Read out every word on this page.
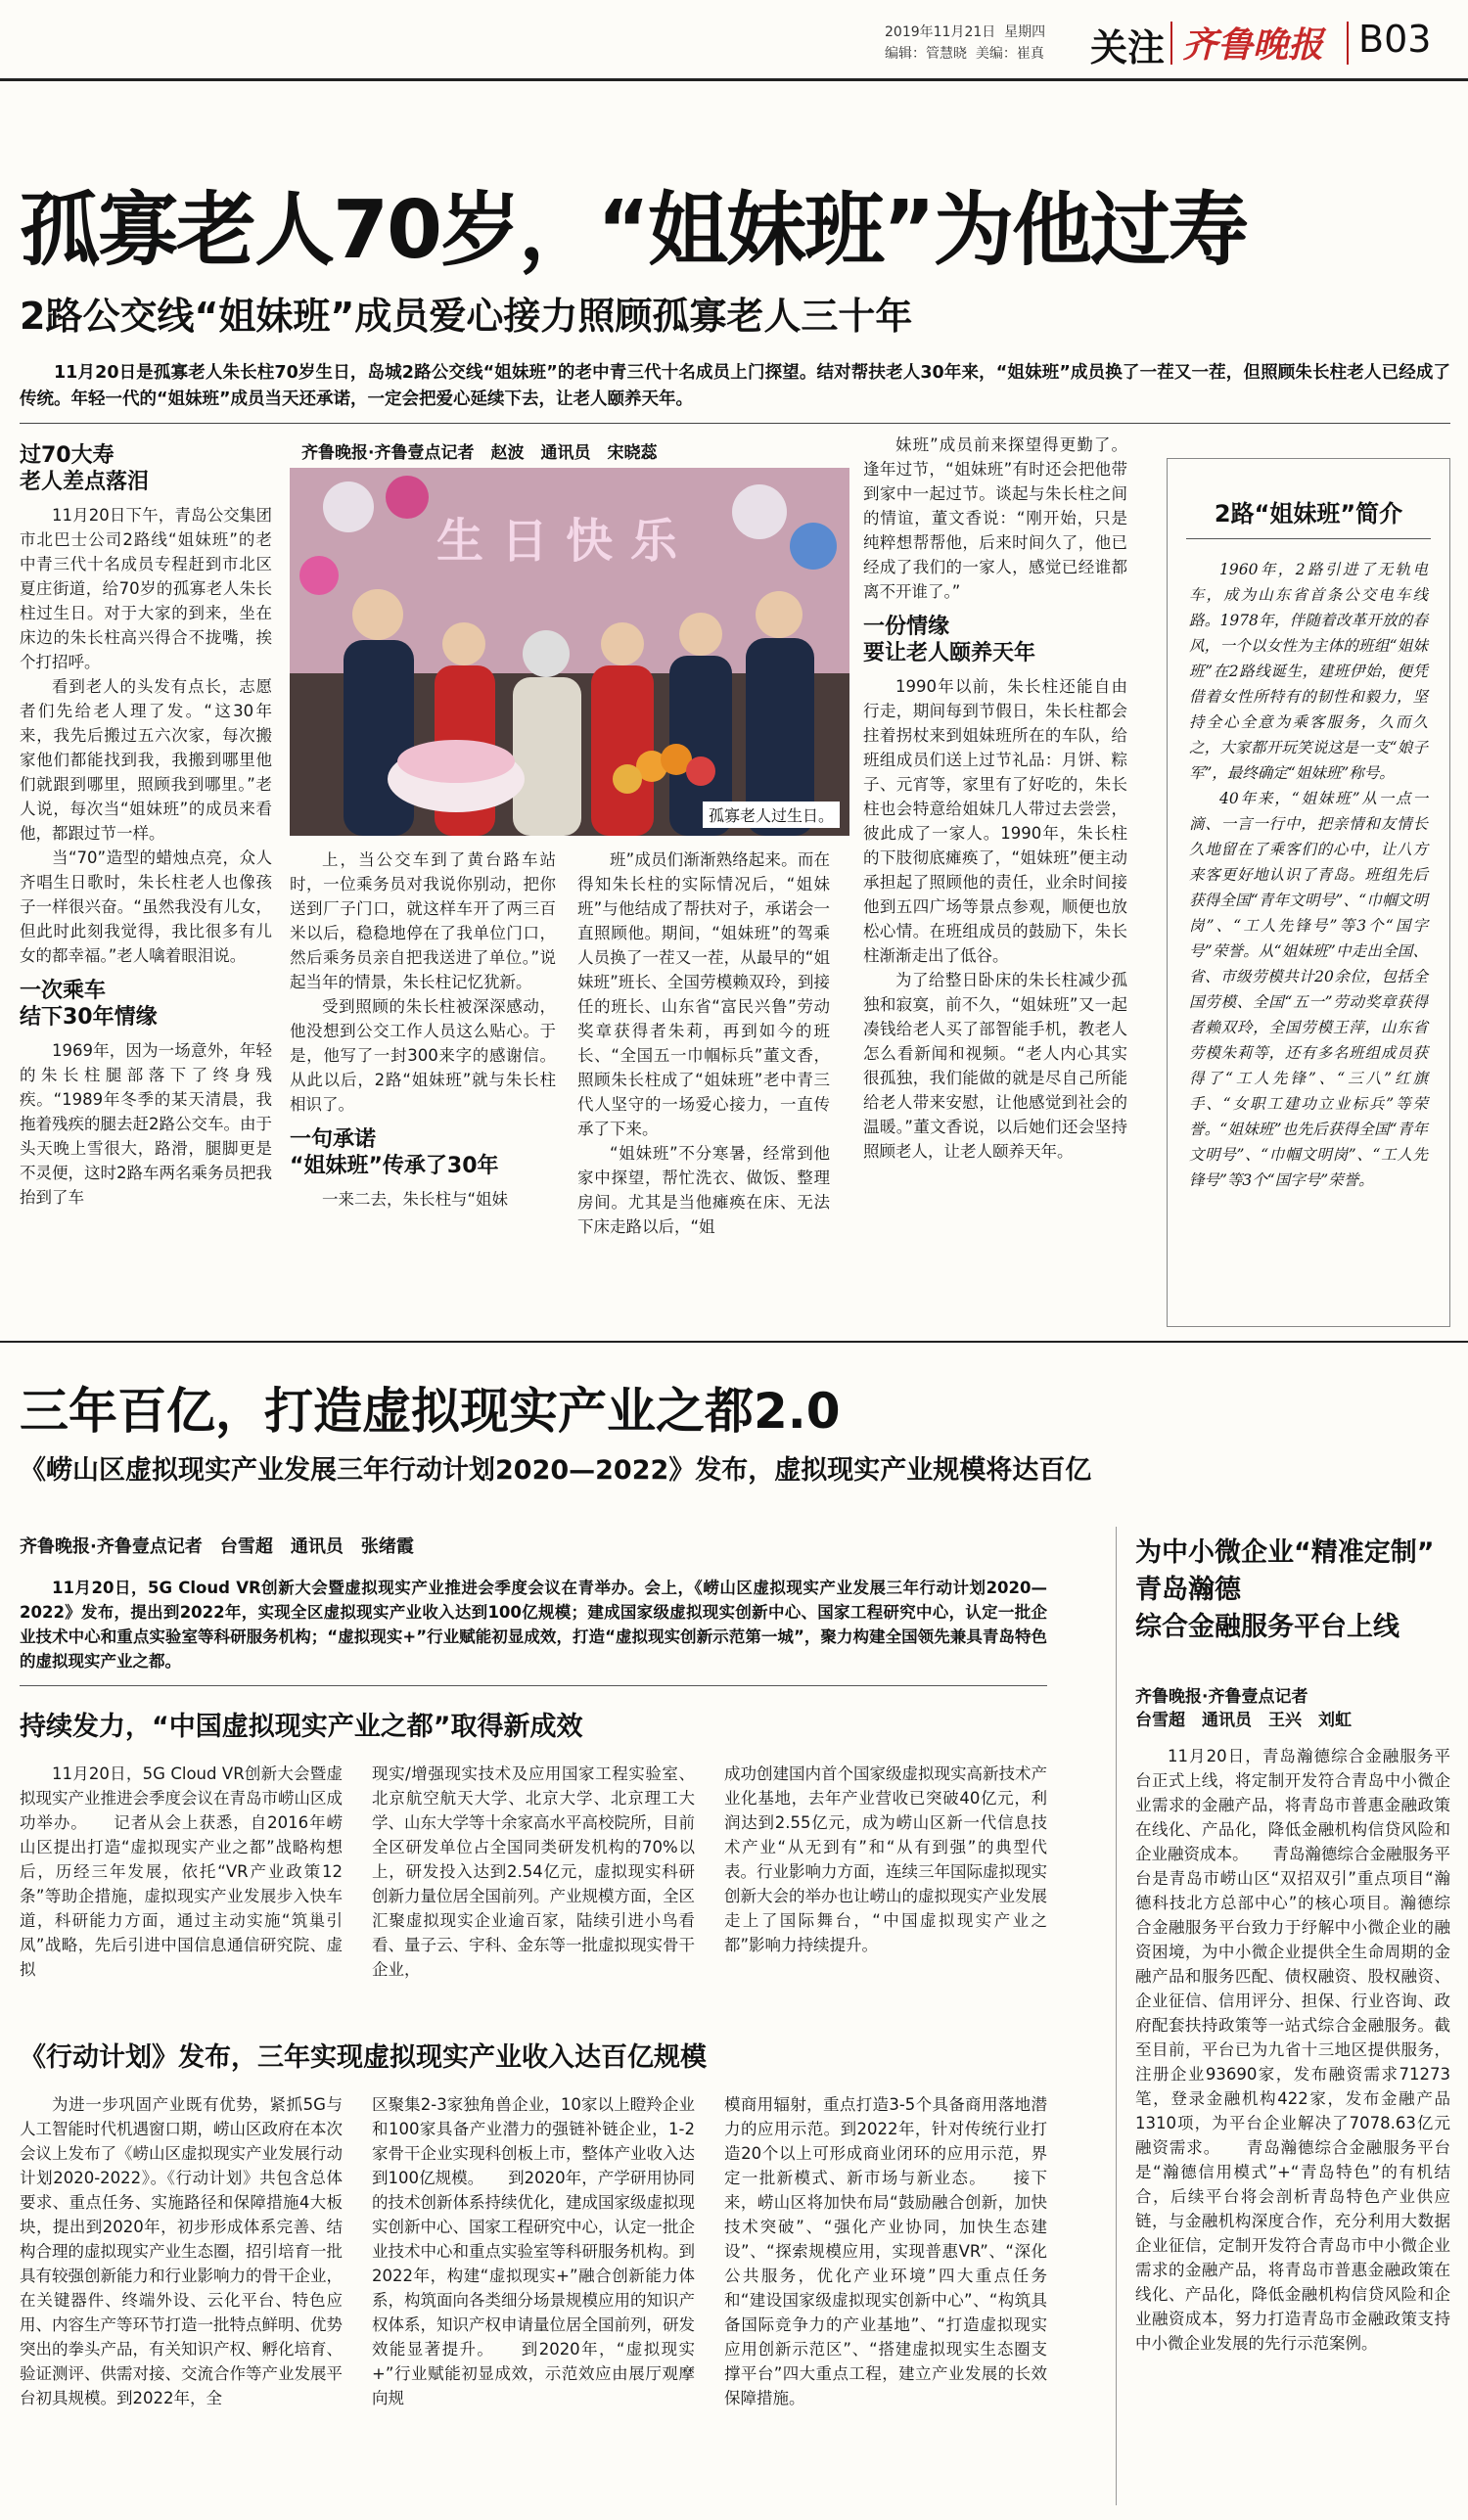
2019年11月21日 星期四
编辑：管慧晓 美编：崔真 关注 齐鲁晚报 B03
孤寡老人70岁，“姐妹班”为他过寿
2路公交线“姐妹班”成员爱心接力照顾孤寡老人三十年
11月20日是孤寡老人朱长柱70岁生日，岛城2路公交线“姐妹班”的老中青三代十名成员上门探望。结对帮扶老人30年来，“姐妹班”成员换了一茬又一茬，但照顾朱长柱老人已经成了传统。年轻一代的“姐妹班”成员当天还承诺，一定会把爱心延续下去，让老人颐养天年。
过70大寿
老人差点落泪

11月20日下午，青岛公交集团市北巴士公司2路线“姐妹班”的老中青三代十名成员专程赶到市北区夏庄街道，给70岁的孤寡老人朱长柱过生日。对于大家的到来，坐在床边的朱长柱高兴得合不拢嘴，挨个打招呼。

看到老人的头发有点长，志愿者们先给老人理了发。“这30年来，我先后搬过五六次家，每次搬家他们都能找到我，我搬到哪里他们就跟到哪里，照顾我到哪里。”老人说，每次当“姐妹班”的成员来看他，都跟过节一样。

当“70”造型的蜡烛点亮，众人齐唱生日歌时，朱长柱老人也像孩子一样很兴奋。“虽然我没有儿女，但此时此刻我觉得，我比很多有儿女的都幸福。”老人噙着眼泪说。

一次乘车
结下30年情缘

1969年，因为一场意外，年轻的朱长柱腿部落下了终身残疾。“1989年冬季的某天清晨，我拖着残疾的腿去赶2路公交车。由于头天晚上雪很大，路滑，腿脚更是不灵便，这时2路车两名乘务员把我抬到了车

齐鲁晚报·齐鲁壹点记者　赵波　通讯员　宋晓蕊
生日快乐
孤寡老人过生日。

上，当公交车到了黄台路车站时，一位乘务员对我说你别动，把你送到厂子门口，就这样车开了两三百米以后，稳稳地停在了我单位门口，然后乘务员亲自把我送进了单位。”说起当年的情景，朱长柱记忆犹新。

受到照顾的朱长柱被深深感动，他没想到公交工作人员这么贴心。于是，他写了一封300来字的感谢信。从此以后，2路“姐妹班”就与朱长柱相识了。

一句承诺
“姐妹班”传承了30年

一来二去，朱长柱与“姐妹

班”成员们渐渐熟络起来。而在得知朱长柱的实际情况后，“姐妹班”与他结成了帮扶对子，承诺会一直照顾他。期间，“姐妹班”的驾乘人员换了一茬又一茬，从最早的“姐妹班”班长、全国劳模赖双玲，到接任的班长、山东省“富民兴鲁”劳动奖章获得者朱莉，再到如今的班长、“全国五一巾帼标兵”董文香，照顾朱长柱成了“姐妹班”老中青三代人坚守的一场爱心接力，一直传承了下来。

“姐妹班”不分寒暑，经常到他家中探望，帮忙洗衣、做饭、整理房间。尤其是当他瘫痪在床、无法下床走路以后，“姐

妹班”成员前来探望得更勤了。逢年过节，“姐妹班”有时还会把他带到家中一起过节。谈起与朱长柱之间的情谊，董文香说：“刚开始，只是纯粹想帮帮他，后来时间久了，他已经成了我们的一家人，感觉已经谁都离不开谁了。”

一份情缘
要让老人颐养天年

1990年以前，朱长柱还能自由行走，期间每到节假日，朱长柱都会拄着拐杖来到姐妹班所在的车队，给班组成员们送上过节礼品：月饼、粽子、元宵等，家里有了好吃的，朱长柱也会特意给姐妹几人带过去尝尝，彼此成了一家人。1990年，朱长柱的下肢彻底瘫痪了，“姐妹班”便主动承担起了照顾他的责任，业余时间接他到五四广场等景点参观，顺便也放松心情。在班组成员的鼓励下，朱长柱渐渐走出了低谷。

为了给整日卧床的朱长柱减少孤独和寂寞，前不久，“姐妹班”又一起凑钱给老人买了部智能手机，教老人怎么看新闻和视频。“老人内心其实很孤独，我们能做的就是尽自己所能给老人带来安慰，让他感觉到社会的温暖。”董文香说，以后她们还会坚持照顾老人，让老人颐养天年。

2路“姐妹班”简介

1960年，2路引进了无轨电车，成为山东省首条公交电车线路。1978年，伴随着改革开放的春风，一个以女性为主体的班组“姐妹班”在2路线诞生，建班伊始，便凭借着女性所特有的韧性和毅力，坚持全心全意为乘客服务，久而久之，大家都开玩笑说这是一支“娘子军”，最终确定“姐妹班”称号。

40年来，“姐妹班”从一点一滴、一言一行中，把亲情和友情长久地留在了乘客们的心中，让八方来客更好地认识了青岛。班组先后获得全国“青年文明号”、“巾帼文明岗”、“工人先锋号”等3个“国字号”荣誉。从“姐妹班”中走出全国、省、市级劳模共计20余位，包括全国劳模、全国“五一”劳动奖章获得者赖双玲，全国劳模王萍，山东省劳模朱莉等，还有多名班组成员获得了“工人先锋”、“三八”红旗手、“女职工建功立业标兵”等荣誉。“姐妹班”也先后获得全国“青年文明号”、“巾帼文明岗”、“工人先锋号”等3个“国字号”荣誉。

三年百亿，打造虚拟现实产业之都2.0
《崂山区虚拟现实产业发展三年行动计划2020—2022》发布，虚拟现实产业规模将达百亿
齐鲁晚报·齐鲁壹点记者　台雪超　通讯员　张绪霞
11月20日，5G Cloud VR创新大会暨虚拟现实产业推进会季度会议在青举办。会上，《崂山区虚拟现实产业发展三年行动计划2020—2022》发布，提出到2022年，实现全区虚拟现实产业收入达到100亿规模；建成国家级虚拟现实创新中心、国家工程研究中心，认定一批企业技术中心和重点实验室等科研服务机构；“虚拟现实+”行业赋能初显成效，打造“虚拟现实创新示范第一城”，聚力构建全国领先兼具青岛特色的虚拟现实产业之都。
持续发力，“中国虚拟现实产业之都”取得新成效

11月20日，5G Cloud VR创新大会暨虚拟现实产业推进会季度会议在青岛市崂山区成功举办。　　记者从会上获悉，自2016年崂山区提出打造“虚拟现实产业之都”战略构想后，历经三年发展，依托“VR产业政策12条”等助企措施，虚拟现实产业发展步入快车道，科研能力方面，通过主动实施“筑巢引凤”战略，先后引进中国信息通信研究院、虚拟

现实/增强现实技术及应用国家工程实验室、北京航空航天大学、北京大学、北京理工大学、山东大学等十余家高水平高校院所，目前全区研发单位占全国同类研发机构的70%以上，研发投入达到2.54亿元，虚拟现实科研创新力量位居全国前列。产业规模方面，全区汇聚虚拟现实企业逾百家，陆续引进小鸟看看、量子云、宇科、金东等一批虚拟现实骨干企业，

成功创建国内首个国家级虚拟现实高新技术产业化基地，去年产业营收已突破40亿元，利润达到2.55亿元，成为崂山区新一代信息技术产业“从无到有”和“从有到强”的典型代表。行业影响力方面，连续三年国际虚拟现实创新大会的举办也让崂山的虚拟现实产业发展走上了国际舞台，“中国虚拟现实产业之都”影响力持续提升。

《行动计划》发布，三年实现虚拟现实产业收入达百亿规模

为进一步巩固产业既有优势，紧抓5G与人工智能时代机遇窗口期，崂山区政府在本次会议上发布了《崂山区虚拟现实产业发展行动计划2020-2022》。《行动计划》共包含总体要求、重点任务、实施路径和保障措施4大板块，提出到2020年，初步形成体系完善、结构合理的虚拟现实产业生态圈，招引培育一批具有较强创新能力和行业影响力的骨干企业，在关键器件、终端外设、云化平台、特色应用、内容生产等环节打造一批特点鲜明、优势突出的拳头产品，有关知识产权、孵化培育、验证测评、供需对接、交流合作等产业发展平台初具规模。到2022年，全

区聚集2-3家独角兽企业，10家以上瞪羚企业和100家具备产业潜力的强链补链企业，1-2家骨干企业实现科创板上市，整体产业收入达到100亿规模。　　到2020年，产学研用协同的技术创新体系持续优化，建成国家级虚拟现实创新中心、国家工程研究中心，认定一批企业技术中心和重点实验室等科研服务机构。到2022年，构建“虚拟现实+”融合创新能力体系，构筑面向各类细分场景规模应用的知识产权体系，知识产权申请量位居全国前列，研发效能显著提升。　　到2020年，“虚拟现实+”行业赋能初显成效，示范效应由展厅观摩向规

模商用辐射，重点打造3-5个具备商用落地潜力的应用示范。到2022年，针对传统行业打造20个以上可形成商业闭环的应用示范，界定一批新模式、新市场与新业态。　　接下来，崂山区将加快布局“鼓励融合创新，加快技术突破”、“强化产业协同，加快生态建设”、“探索规模应用，实现普惠VR”、“深化公共服务，优化产业环境”四大重点任务和“建设国家级虚拟现实创新中心”、“构筑具备国际竞争力的产业基地”、“打造虚拟现实应用创新示范区”、“搭建虚拟现实生态圈支撑平台”四大重点工程，建立产业发展的长效保障措施。

为中小微企业“精准定制”
青岛瀚德
综合金融服务平台上线
齐鲁晚报·齐鲁壹点记者
台雪超　通讯员　王兴　刘虹

11月20日，青岛瀚德综合金融服务平台正式上线，将定制开发符合青岛中小微企业需求的金融产品，将青岛市普惠金融政策在线化、产品化，降低金融机构信贷风险和企业融资成本。　　青岛瀚德综合金融服务平台是青岛市崂山区“双招双引”重点项目“瀚德科技北方总部中心”的核心项目。瀚德综合金融服务平台致力于纾解中小微企业的融资困境，为中小微企业提供全生命周期的金融产品和服务匹配、债权融资、股权融资、企业征信、信用评分、担保、行业咨询、政府配套扶持政策等一站式综合金融服务。截至目前，平台已为九省十三地区提供服务，注册企业93690家，发布融资需求71273笔，登录金融机构422家，发布金融产品1310项，为平台企业解决了7078.63亿元融资需求。　　青岛瀚德综合金融服务平台是“瀚德信用模式”+“青岛特色”的有机结合，后续平台将会剖析青岛特色产业供应链，与金融机构深度合作，充分利用大数据企业征信，定制开发符合青岛市中小微企业需求的金融产品，将青岛市普惠金融政策在线化、产品化，降低金融机构信贷风险和企业融资成本，努力打造青岛市金融政策支持中小微企业发展的先行示范案例。
